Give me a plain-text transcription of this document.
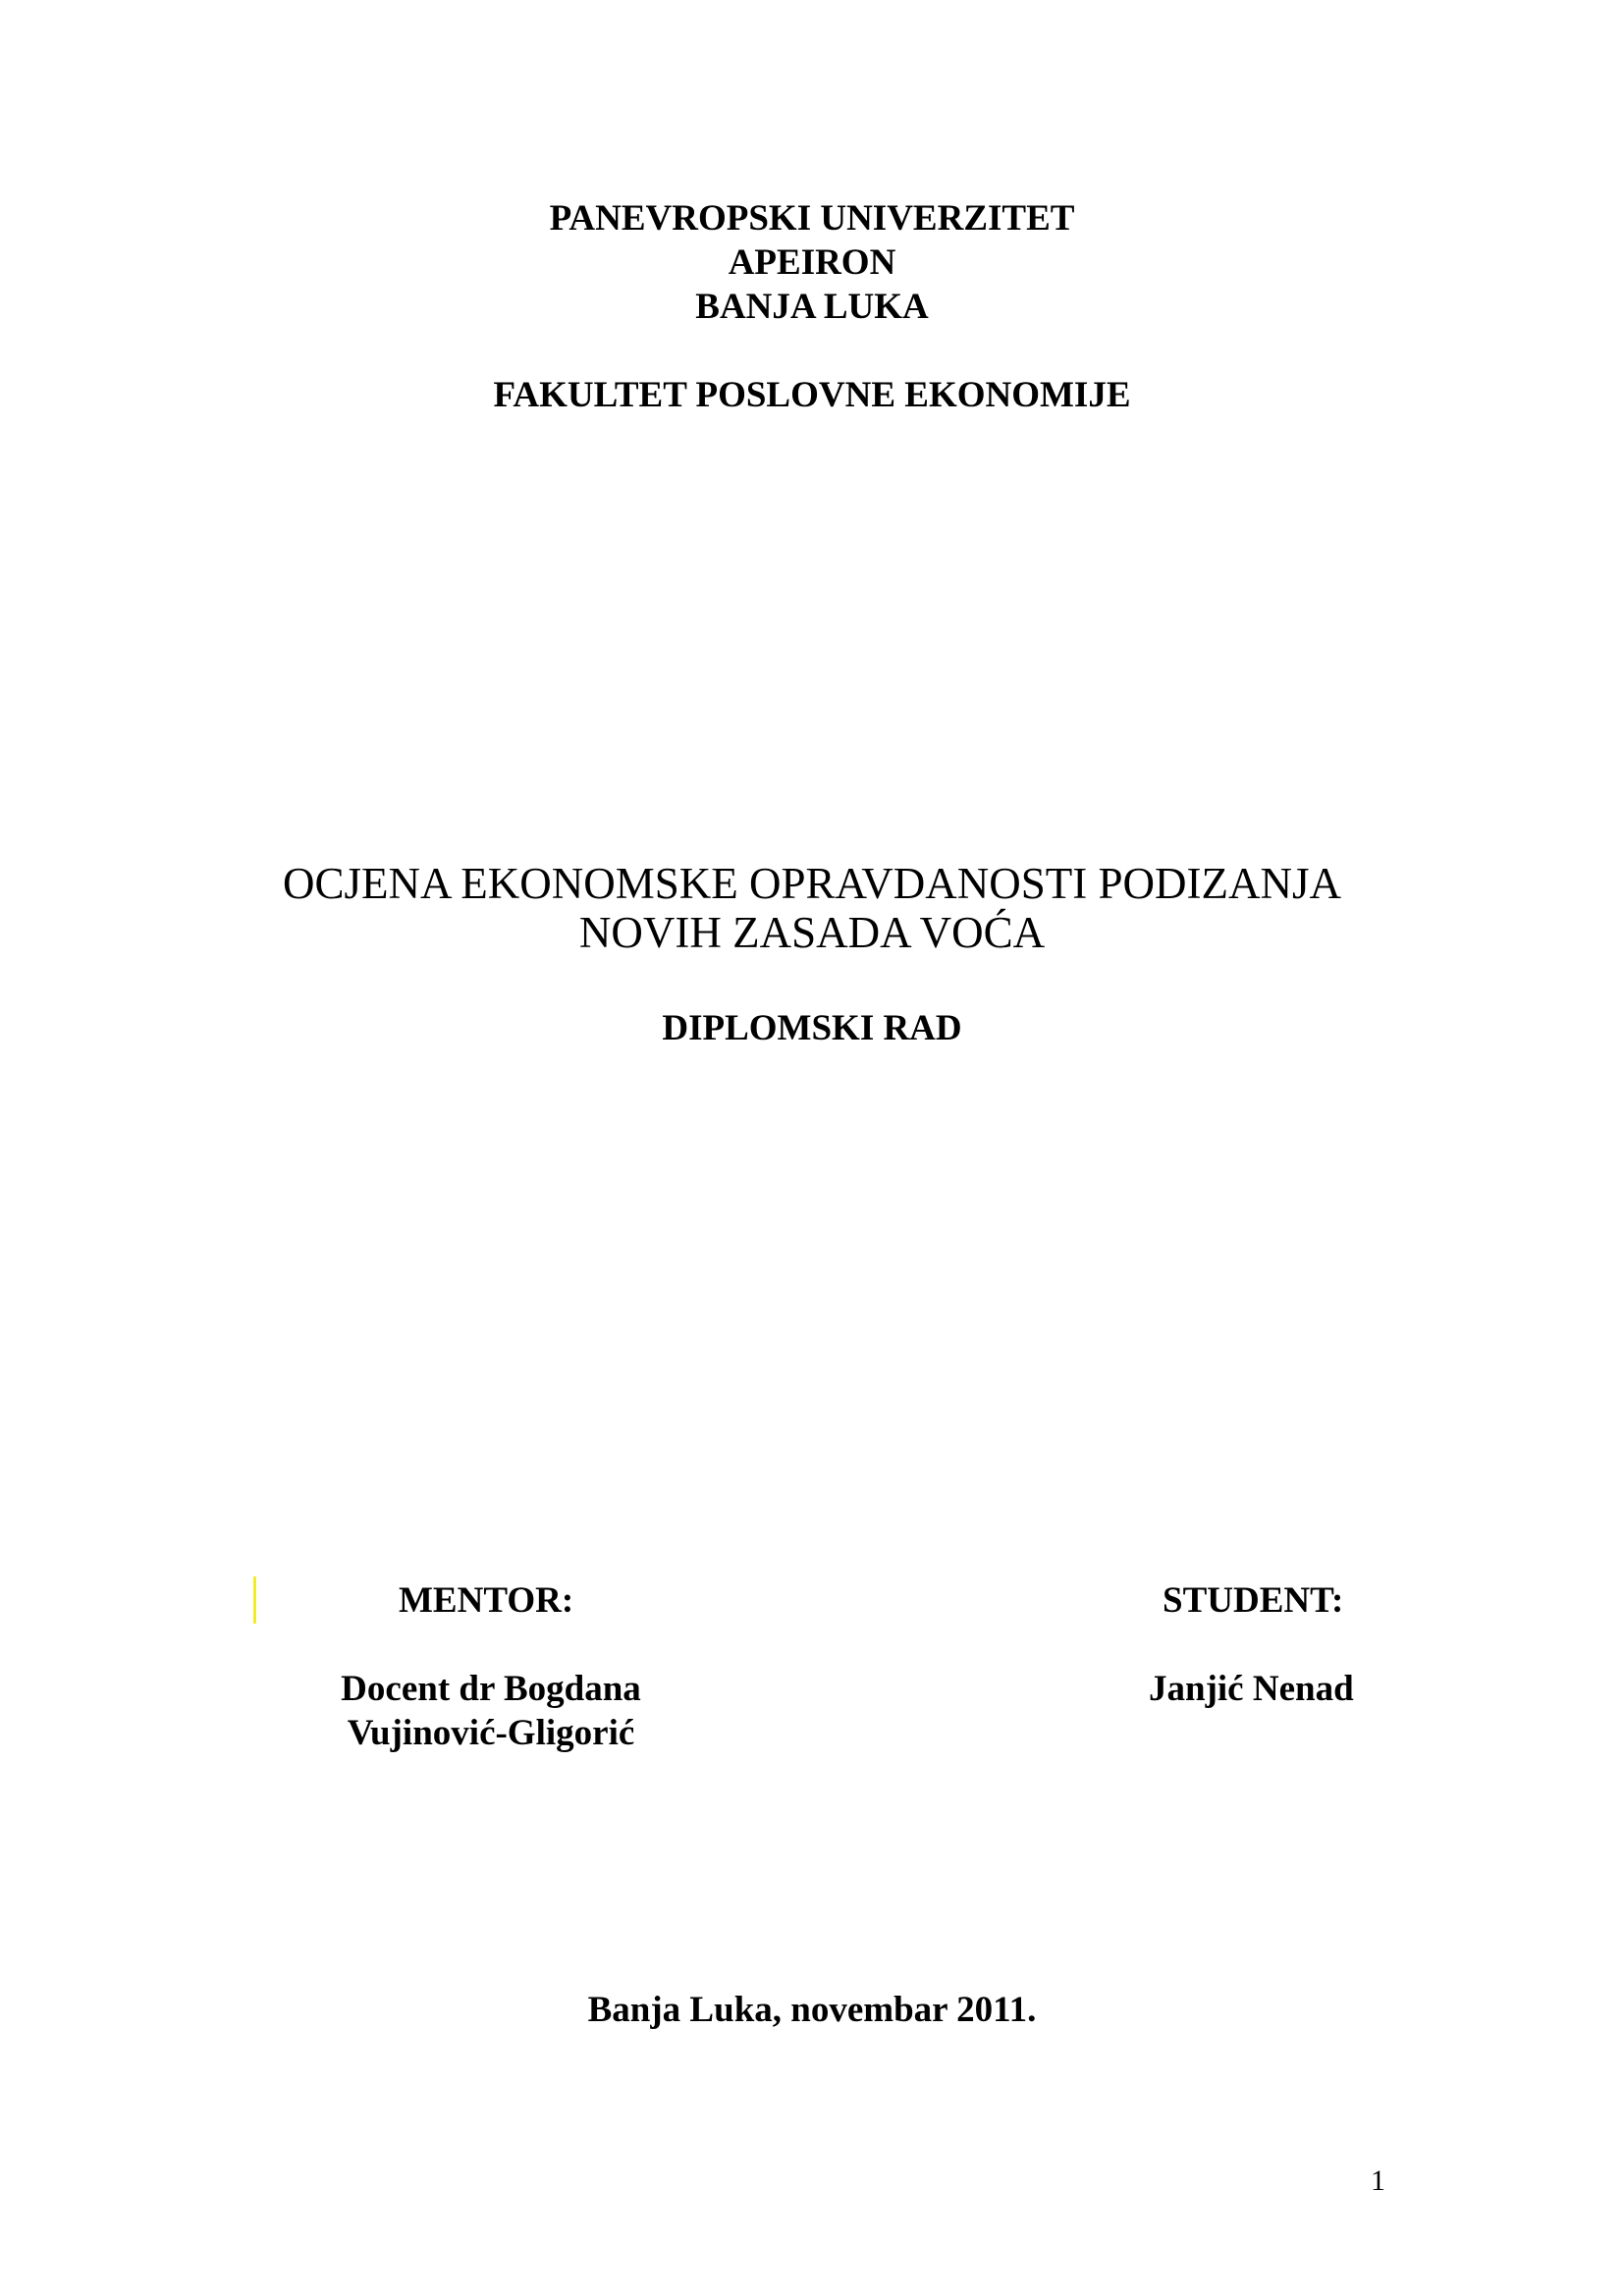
PANEVROPSKI UNIVERZITET
APEIRON
BANJA LUKA
FAKULTET POSLOVNE EKONOMIJE
OCJENA EKONOMSKE OPRAVDANOSTI PODIZANJA
NOVIH ZASADA VOĆA
DIPLOMSKI RAD
MENTOR:	STUDENT:
Docent dr Bogdana
Vujinović-Gligorić
Janjić Nenad
Banja Luka, novembar 2011.
1
